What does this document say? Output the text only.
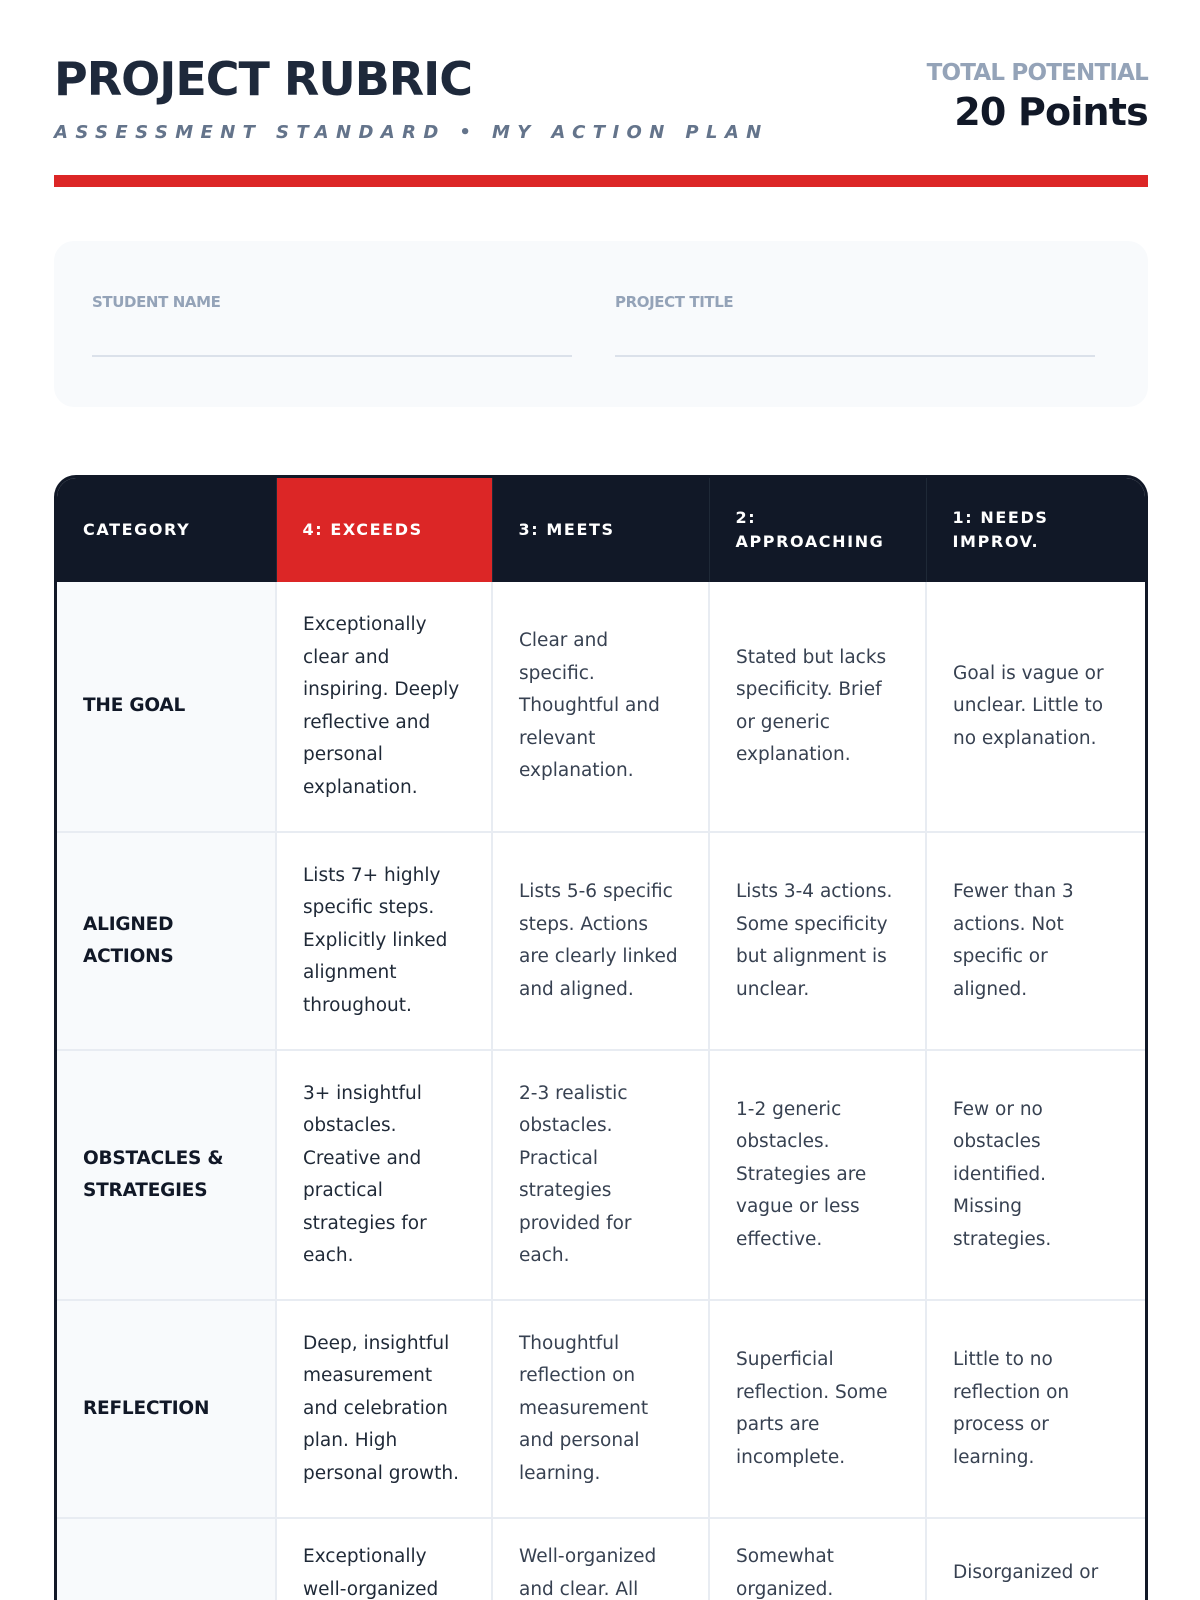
PROJECT RUBRIC
ASSESSMENT STANDARD • MY ACTION PLAN
TOTAL POTENTIAL
20 Points
STUDENT NAME	PROJECT TITLE
CATEGORY	4: EXCEEDS	3: MEETS	2: APPROACHING	1: NEEDS IMPROV.
THE GOAL	Exceptionally clear and inspiring. Deeply reflective and personal explanation.	Clear and specific. Thoughtful and relevant explanation.	Stated but lacks specificity. Brief or generic explanation.	Goal is vague or unclear. Little to no explanation.
ALIGNED ACTIONS	Lists 7+ highly specific steps. Explicitly linked alignment throughout.	Lists 5-6 specific steps. Actions are clearly linked and aligned.	Lists 3-4 actions. Some specificity but alignment is unclear.	Fewer than 3 actions. Not specific or aligned.
OBSTACLES & STRATEGIES	3+ insightful obstacles. Creative and practical strategies for each.	2-3 realistic obstacles. Practical strategies provided for each.	1-2 generic obstacles. Strategies are vague or less effective.	Few or no obstacles identified. Missing strategies.
REFLECTION	Deep, insightful measurement and celebration plan. High personal growth.	Thoughtful reflection on measurement and personal learning.	Superficial reflection. Some parts are incomplete.	Little to no reflection on process or learning.
	Exceptionally well-organized	Well-organized and clear. All	Somewhat organized.	Disorganized or
